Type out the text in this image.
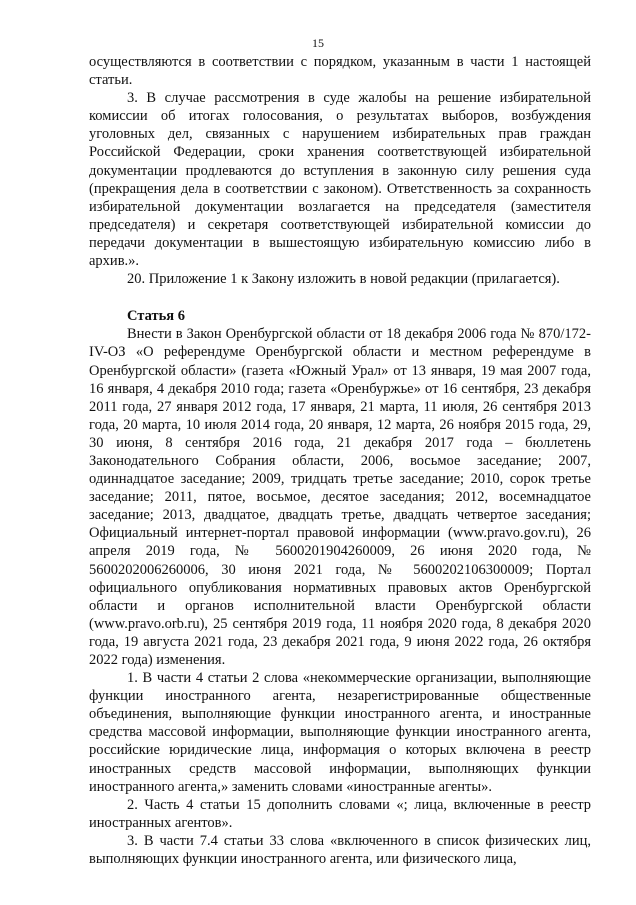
15

осуществляются в соответствии с порядком, указанным в части 1 настоящей статьи.

3. В случае рассмотрения в суде жалобы на решение избирательной комиссии об итогах голосования, о результатах выборов, возбуждения уголовных дел, связанных с нарушением избирательных прав граждан Российской Федерации, сроки хранения соответствующей избирательной документации продлеваются до вступления в законную силу решения суда (прекращения дела в соответствии с законом). Ответственность за сохранность избирательной документации возлагается на председателя (заместителя председателя) и секретаря соответствующей избирательной комиссии до передачи документации в вышестоящую избирательную комиссию либо в архив.».

20. Приложение 1 к Закону изложить в новой редакции (прилагается).

Статья 6

Внести в Закон Оренбургской области от 18 декабря 2006 года № 870/172-IV-ОЗ «О референдуме Оренбургской области и местном референдуме в Оренбургской области» (газета «Южный Урал» от 13 января, 19 мая 2007 года, 16 января, 4 декабря 2010 года; газета «Оренбуржье» от 16 сентября, 23 декабря 2011 года, 27 января 2012 года, 17 января, 21 марта, 11 июля, 26 сентября 2013 года, 20 марта, 10 июля 2014 года, 20 января, 12 марта, 26 ноября 2015 года, 29, 30 июня, 8 сентября 2016 года, 21 декабря 2017 года – бюллетень Законодательного Собрания области, 2006, восьмое заседание; 2007, одиннадцатое заседание; 2009, тридцать третье заседание; 2010, сорок третье заседание; 2011, пятое, восьмое, десятое заседания; 2012, восемнадцатое заседание; 2013, двадцатое, двадцать третье, двадцать четвертое заседания; Официальный интернет-портал правовой информации (www.pravo.gov.ru), 26 апреля 2019 года, № 5600201904260009, 26 июня 2020 года, № 5600202006260006, 30 июня 2021 года, № 5600202106300009; Портал официального опубликования нормативных правовых актов Оренбургской области и органов исполнительной власти Оренбургской области (www.pravo.orb.ru), 25 сентября 2019 года, 11 ноября 2020 года, 8 декабря 2020 года, 19 августа 2021 года, 23 декабря 2021 года, 9 июня 2022 года, 26 октября 2022 года) изменения.

1. В части 4 статьи 2 слова «некоммерческие организации, выполняющие функции иностранного агента, незарегистрированные общественные объединения, выполняющие функции иностранного агента, и иностранные средства массовой информации, выполняющие функции иностранного агента, российские юридические лица, информация о которых включена в реестр иностранных средств массовой информации, выполняющих функции иностранного агента,» заменить словами «иностранные агенты».

2. Часть 4 статьи 15 дополнить словами «; лица, включенные в реестр иностранных агентов».

3. В части 7.4 статьи 33 слова «включенного в список физических лиц, выполняющих функции иностранного агента, или физического лица,
